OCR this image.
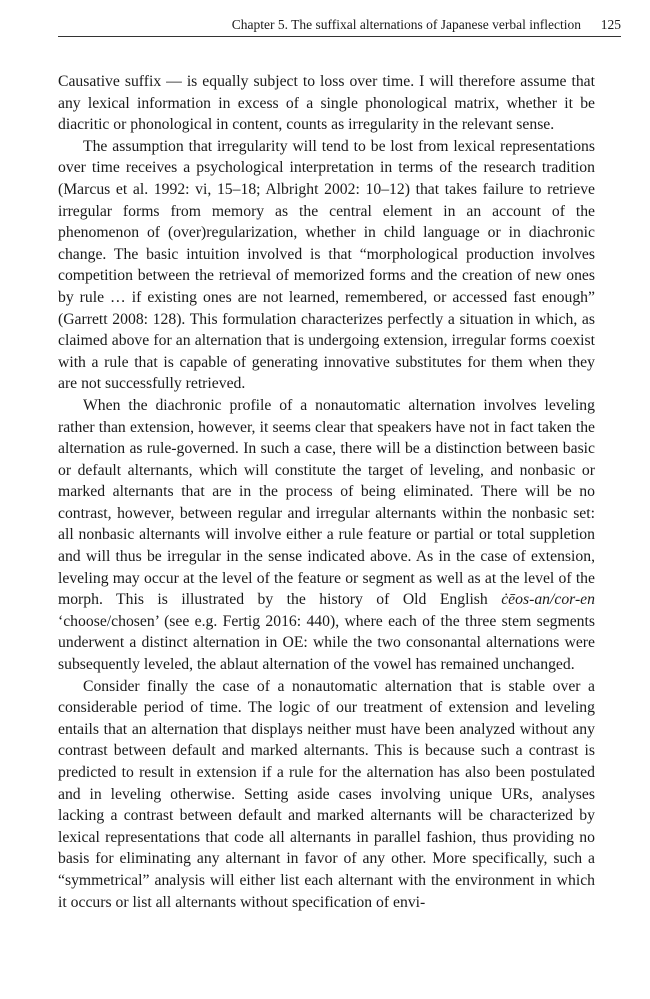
Chapter 5. The suffixal alternations of Japanese verbal inflection 125

Causative suffix — is equally subject to loss over time. I will therefore assume that any lexical information in excess of a single phonological matrix, whether it be diacritic or phonological in content, counts as irregularity in the relevant sense.

The assumption that irregularity will tend to be lost from lexical representations over time receives a psychological interpretation in terms of the research tradition (Marcus et al. 1992: vi, 15–18; Albright 2002: 10–12) that takes failure to retrieve irregular forms from memory as the central element in an account of the phenomenon of (over)regularization, whether in child language or in diachronic change. The basic intuition involved is that “morphological production involves competition between the retrieval of memorized forms and the creation of new ones by rule … if existing ones are not learned, remembered, or accessed fast enough” (Garrett 2008: 128). This formulation characterizes perfectly a situation in which, as claimed above for an alternation that is undergoing extension, irregular forms coexist with a rule that is capable of generating innovative substitutes for them when they are not successfully retrieved.

When the diachronic profile of a nonautomatic alternation involves leveling rather than extension, however, it seems clear that speakers have not in fact taken the alternation as rule-governed. In such a case, there will be a distinction between basic or default alternants, which will constitute the target of leveling, and nonbasic or marked alternants that are in the process of being eliminated. There will be no contrast, however, between regular and irregular alternants within the nonbasic set: all nonbasic alternants will involve either a rule feature or partial or total suppletion and will thus be irregular in the sense indicated above. As in the case of extension, leveling may occur at the level of the feature or segment as well as at the level of the morph. This is illustrated by the history of Old English ċēos-an/cor-en ‘choose/chosen’ (see e.g. Fertig 2016: 440), where each of the three stem segments underwent a distinct alternation in OE: while the two consonantal alternations were subsequently leveled, the ablaut alternation of the vowel has remained unchanged.

Consider finally the case of a nonautomatic alternation that is stable over a considerable period of time. The logic of our treatment of extension and leveling entails that an alternation that displays neither must have been analyzed without any contrast between default and marked alternants. This is because such a contrast is predicted to result in extension if a rule for the alternation has also been postulated and in leveling otherwise. Setting aside cases involving unique URs, analyses lacking a contrast between default and marked alternants will be characterized by lexical representations that code all alternants in parallel fashion, thus providing no basis for eliminating any alternant in favor of any other. More specifically, such a “symmetrical” analysis will either list each alternant with the environment in which it occurs or list all alternants without specification of envi-
